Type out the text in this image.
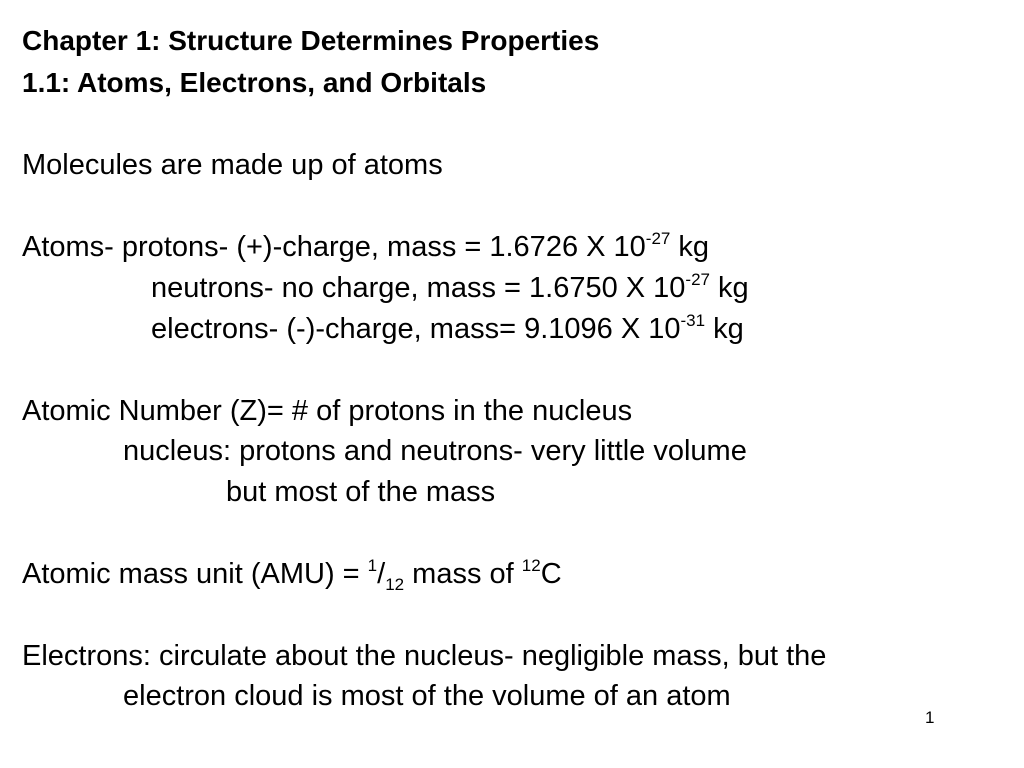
Chapter 1: Structure Determines Properties
1.1: Atoms, Electrons, and Orbitals
Molecules are made up of atoms
Atoms- protons- (+)-charge, mass = 1.6726 X $10^{-27}$ kg
neutrons- no charge, mass = 1.6750 X $10^{-27}$ kg
electrons- (-)-charge, mass= 9.1096 X $10^{-31}$ kg
Atomic Number (Z)= # of protons in the nucleus
nucleus: protons and neutrons- very little volume
but most of the mass
Atomic mass unit $(AMU) = ^1/_{12}$ mass of $^{12}$C
Electrons: circulate about the nucleus- negligible mass, but the
electron cloud is most of the volume of an atom
1
